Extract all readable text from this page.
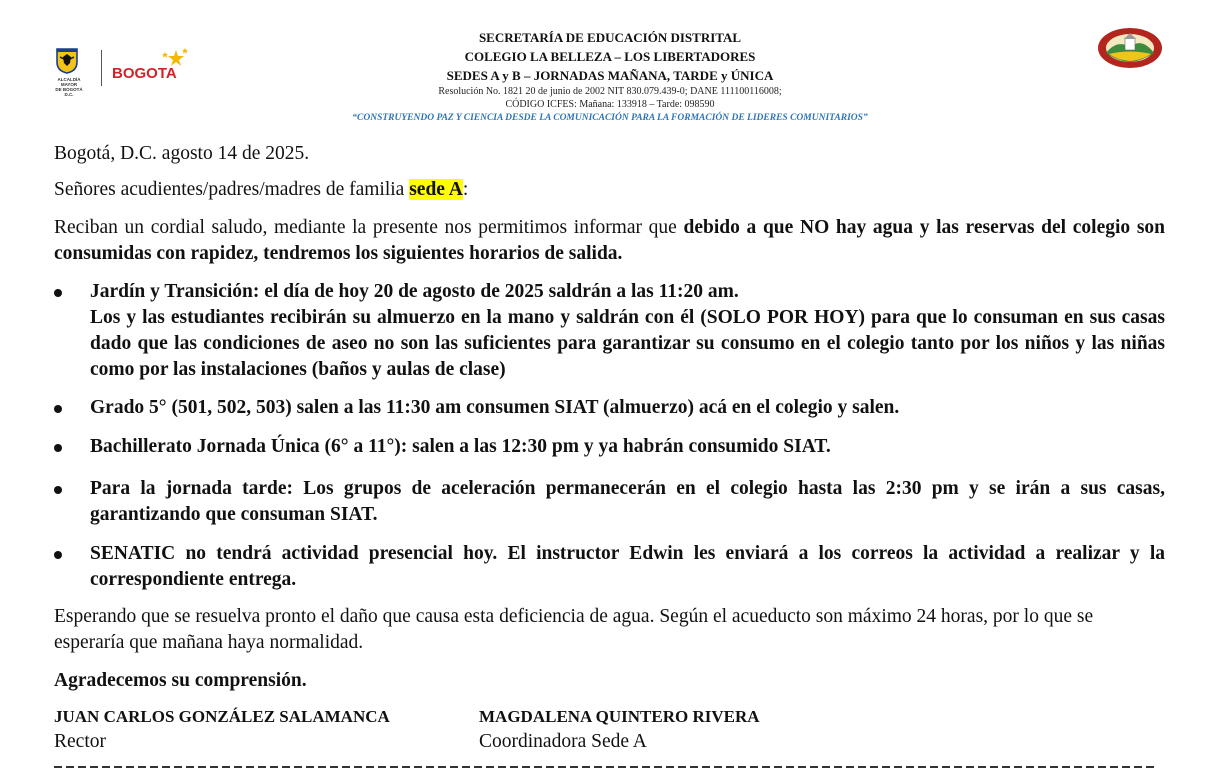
ALCALDÍA MAYOR
DE BOGOTÁ D.C.
BOGOTA
SECRETARÍA DE EDUCACIÓN DISTRITAL
COLEGIO LA BELLEZA – LOS LIBERTADORES
SEDES A y B – JORNADAS MAÑANA, TARDE y ÚNICA
Resolución No. 1821 20 de junio de 2002 NIT 830.079.439-0; DANE 111100116008;
CÓDIGO ICFES: Mañana: 133918 – Tarde: 098590
“CONSTRUYENDO PAZ Y CIENCIA DESDE LA COMUNICACIÓN PARA LA FORMACIÓN DE LIDERES COMUNITARIOS”
Bogotá, D.C. agosto 14 de 2025.
Señores acudientes/padres/madres de familia sede A:
Reciban un cordial saludo, mediante la presente nos permitimos informar que debido a que NO hay agua y las reservas del colegio son consumidas con rapidez, tendremos los siguientes horarios de salida.
Jardín y Transición: el día de hoy 20 de agosto de 2025 saldrán a las 11:20 am.
Los y las estudiantes recibirán su almuerzo en la mano y saldrán con él (SOLO POR HOY) para que lo consuman en sus casas dado que las condiciones de aseo no son las suficientes para garantizar su consumo en el colegio tanto por los niños y las niñas como por las instalaciones (baños y aulas de clase)
Grado 5° (501, 502, 503) salen a las 11:30 am consumen SIAT (almuerzo) acá en el colegio y salen.
Bachillerato Jornada Única (6° a 11°): salen a las 12:30 pm y ya habrán consumido SIAT.
Para la jornada tarde: Los grupos de aceleración permanecerán en el colegio hasta las 2:30 pm y se irán a sus casas, garantizando que consuman SIAT.
SENATIC no tendrá actividad presencial hoy. El instructor Edwin les enviará a los correos la actividad a realizar y la correspondiente entrega.
Esperando que se resuelva pronto el daño que causa esta deficiencia de agua. Según el acueducto son máximo 24 horas, por lo que se esperaría que mañana haya normalidad.
Agradecemos su comprensión.
JUAN CARLOS GONZÁLEZ SALAMANCA
Rector
MAGDALENA QUINTERO RIVERA
Coordinadora Sede A
